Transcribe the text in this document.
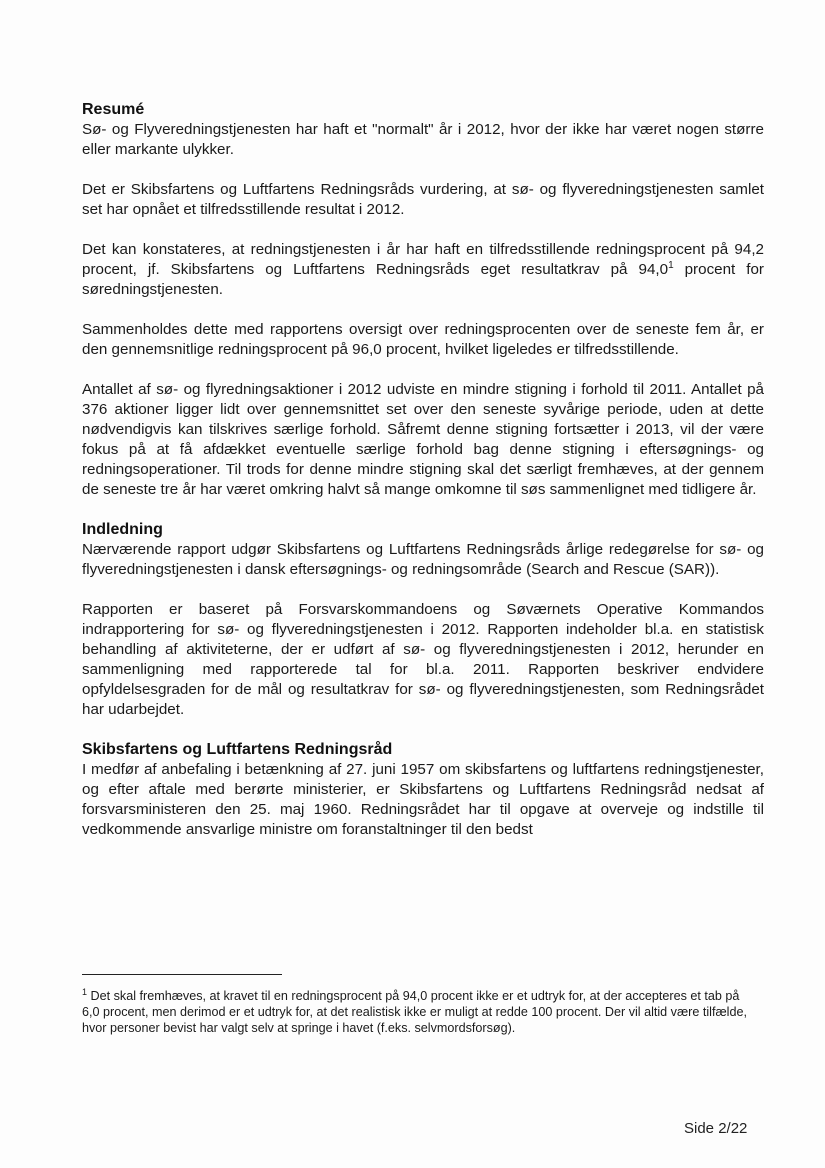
Resumé

Sø- og Flyveredningstjenesten har haft et "normalt" år i 2012, hvor der ikke har været nogen større eller markante ulykker.

Det er Skibsfartens og Luftfartens Redningsråds vurdering, at sø- og flyveredningstjenesten samlet set har opnået et tilfredsstillende resultat i 2012.

Det kan konstateres, at redningstjenesten i år har haft en tilfredsstillende redningsprocent på 94,2 procent, jf. Skibsfartens og Luftfartens Redningsråds eget resultatkrav på 94,0$^1$ procent for søredningstjenesten.

Sammenholdes dette med rapportens oversigt over redningsprocenten over de seneste fem år, er den gennemsnitlige redningsprocent på 96,0 procent, hvilket ligeledes er tilfredsstillende.

Antallet af sø- og flyredningsaktioner i 2012 udviste en mindre stigning i forhold til 2011. Antallet på 376 aktioner ligger lidt over gennemsnittet set over den seneste syvårige periode, uden at dette nødvendigvis kan tilskrives særlige forhold. Såfremt denne stigning fortsætter i 2013, vil der være fokus på at få afdækket eventuelle særlige forhold bag denne stigning i eftersøgnings- og redningsoperationer. Til trods for denne mindre stigning skal det særligt fremhæves, at der gennem de seneste tre år har været omkring halvt så mange omkomne til søs sammenlignet med tidligere år.

Indledning

Nærværende rapport udgør Skibsfartens og Luftfartens Redningsråds årlige redegørelse for sø- og flyveredningstjenesten i dansk eftersøgnings- og redningsområde (Search and Rescue (SAR)).

Rapporten er baseret på Forsvarskommandoens og Søværnets Operative Kommandos indrapportering for sø- og flyveredningstjenesten i 2012. Rapporten indeholder bl.a. en statistisk behandling af aktiviteterne, der er udført af sø- og flyveredningstjenesten i 2012, herunder en sammenligning med rapporterede tal for bl.a. 2011. Rapporten beskriver endvidere opfyldelsesgraden for de mål og resultatkrav for sø- og flyveredningstjenesten, som Redningsrådet har udarbejdet.

Skibsfartens og Luftfartens Redningsråd

I medfør af anbefaling i betænkning af 27. juni 1957 om skibsfartens og luftfartens redningstjenester, og efter aftale med berørte ministerier, er Skibsfartens og Luftfartens Redningsråd nedsat af forsvarsministeren den 25. maj 1960. Redningsrådet har til opgave at overveje og indstille til vedkommende ansvarlige ministre om foranstaltninger til den bedst

$^1$ Det skal fremhæves, at kravet til en redningsprocent på 94,0 procent ikke er et udtryk for, at der accepteres et tab på 6,0 procent, men derimod er et udtryk for, at det realistisk ikke er muligt at redde 100 procent. Der vil altid være tilfælde, hvor personer bevist har valgt selv at springe i havet (f.eks. selvmordsforsøg).
Side 2/22
